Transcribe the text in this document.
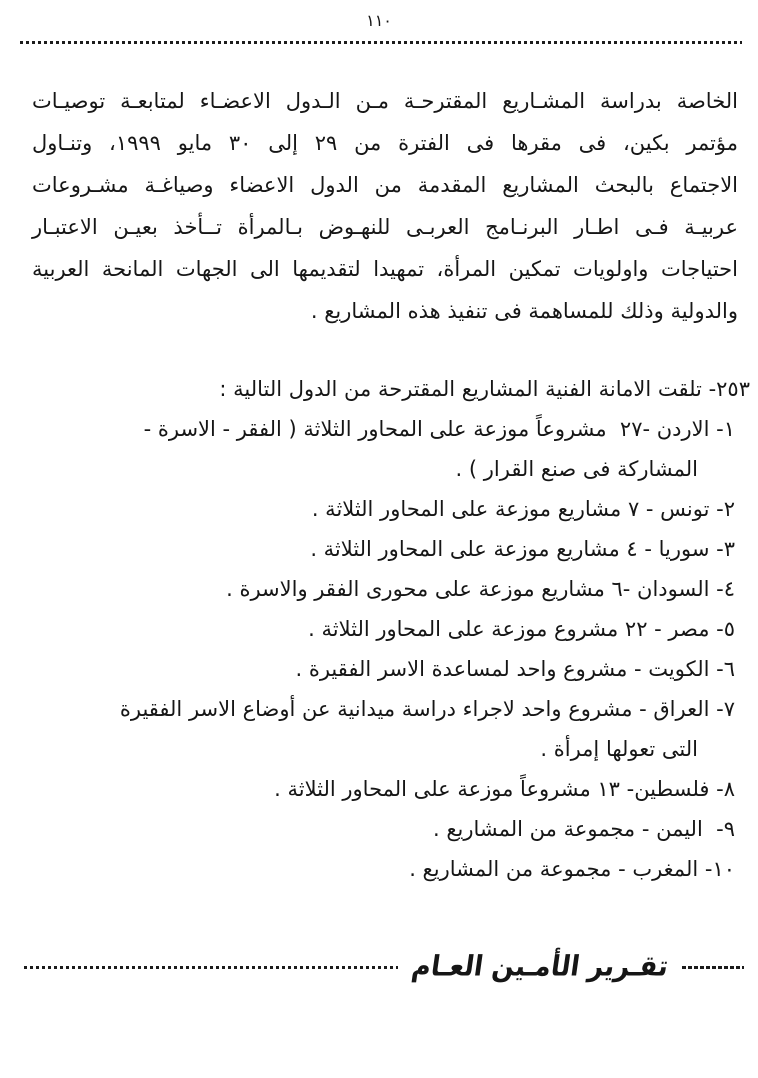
١١٠
الخاصة بدراسة المشـاريع المقترحـة مـن الـدول الاعضـاء لمتابعـة توصيـات
مؤتمر بكين، فى مقرها فى الفترة من ٢٩ إلى ٣٠ مايو ١٩٩٩، وتنـاول
الاجتماع بالبحث المشاريع المقدمة من الدول الاعضاء وصياغـة مشـروعات
عربيـة فـى اطـار البرنـامج العربـى للنهـوض بـالمرأة تــأخذ بعيـن الاعتبـار
احتياجات واولويات تمكين المرأة، تمهيدا لتقديمها الى الجهات المانحة العربية
والدولية وذلك للمساهمة فى تنفيذ هذه المشاريع .
٢٥٣- تلقت الامانة الفنية المشاريع المقترحة من الدول التالية :
١- الاردن -٢٧  مشروعاً موزعة على المحاور الثلاثة ( الفقر - الاسرة -
المشاركة فى صنع القرار ) .
٢- تونس - ٧ مشاريع موزعة على المحاور الثلاثة .
٣- سوريا - ٤ مشاريع موزعة على المحاور الثلاثة .
٤- السودان -٦ مشاريع موزعة على محورى الفقر والاسرة .
٥- مصر - ٢٢ مشروع موزعة على المحاور الثلاثة .
٦- الكويت - مشروع واحد لمساعدة الاسر الفقيرة .
٧- العراق - مشروع واحد لاجراء دراسة ميدانية عن أوضاع الاسر الفقيرة
التى تعولها إمرأة .
٨- فلسطين- ١٣ مشروعاً موزعة على المحاور الثلاثة .
٩-  اليمن - مجموعة من المشاريع .
١٠- المغرب - مجموعة من المشاريع .
تقـرير الأمـين العـام
